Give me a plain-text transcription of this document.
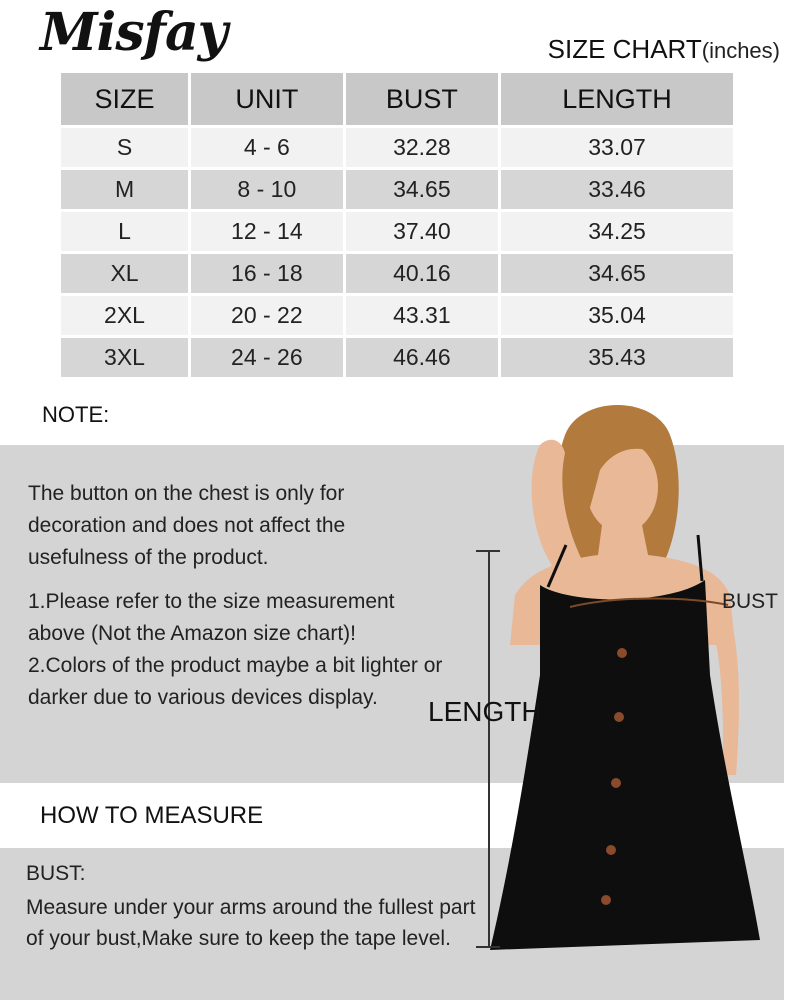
Misfay	SIZE CHART(inches)
SIZE	UNIT	BUST	LENGTH
S	4 - 6	32.28	33.07
M	8 - 10	34.65	33.46
L	12 - 14	37.40	34.25
XL	16 - 18	40.16	34.65
2XL	20 - 22	43.31	35.04
3XL	24 - 26	46.46	35.43
NOTE:

The button on the chest is only for decoration and does not affect the usefulness of the product.

1.Please refer to the size measurement above (Not the Amazon size chart)!
2.Colors of the product maybe a bit lighter or darker due to various devices display.
HOW TO MEASURE
BUST:
Measure under your arms around the fullest part of your bust,Make sure to keep the tape level.
LENGTH
BUST
